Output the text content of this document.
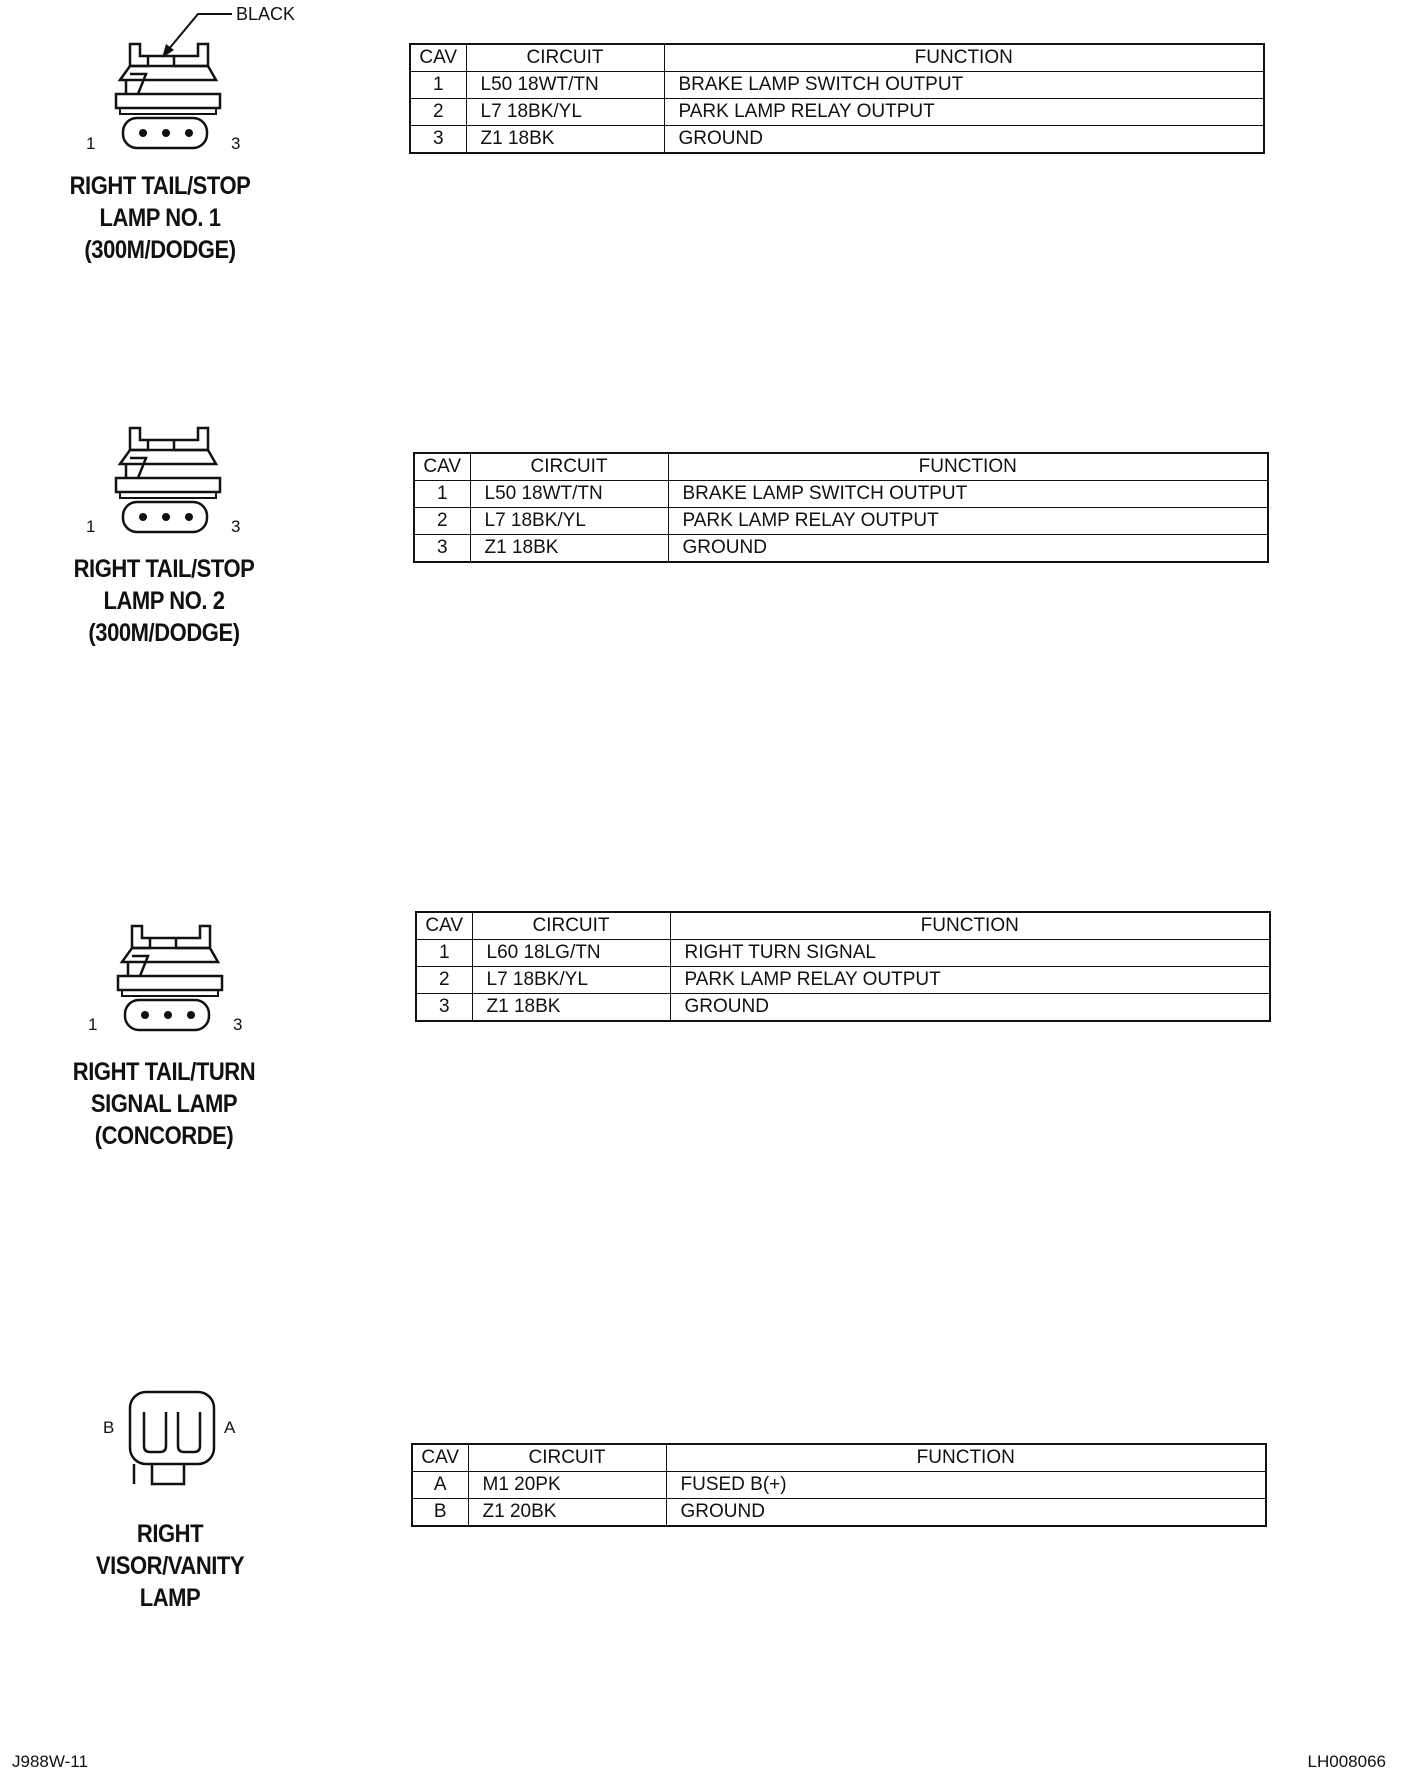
BLACK
1	3
RIGHT TAIL/STOP
LAMP NO. 1
(300M/DODGE)
CAV	CIRCUIT	FUNCTION
1	L50 18WT/TN	BRAKE LAMP SWITCH OUTPUT
2	L7 18BK/YL	PARK LAMP RELAY OUTPUT
3	Z1 18BK	GROUND
1	3
RIGHT TAIL/STOP
LAMP NO. 2
(300M/DODGE)
CAV	CIRCUIT	FUNCTION
1	L50 18WT/TN	BRAKE LAMP SWITCH OUTPUT
2	L7 18BK/YL	PARK LAMP RELAY OUTPUT
3	Z1 18BK	GROUND
1	3
RIGHT TAIL/TURN
SIGNAL LAMP
(CONCORDE)
CAV	CIRCUIT	FUNCTION
1	L60 18LG/TN	RIGHT TURN SIGNAL
2	L7 18BK/YL	PARK LAMP RELAY OUTPUT
3	Z1 18BK	GROUND
B	A
RIGHT
VISOR/VANITY
LAMP
CAV	CIRCUIT	FUNCTION
A	M1 20PK	FUSED B(+)
B	Z1 20BK	GROUND
J988W-11	LH008066
